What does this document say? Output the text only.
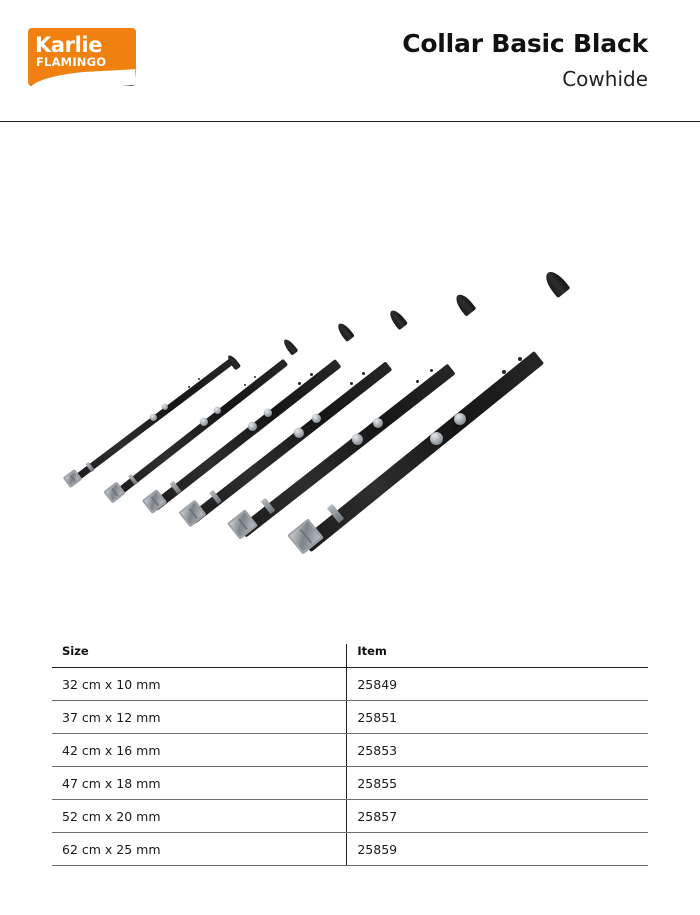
Karlie
FLAMINGO
Collar Basic Black
Cowhide
Size	Item
32 cm x 10 mm	25849
37 cm x 12 mm	25851
42 cm x 16 mm	25853
47 cm x 18 mm	25855
52 cm x 20 mm	25857
62 cm x 25 mm	25859
